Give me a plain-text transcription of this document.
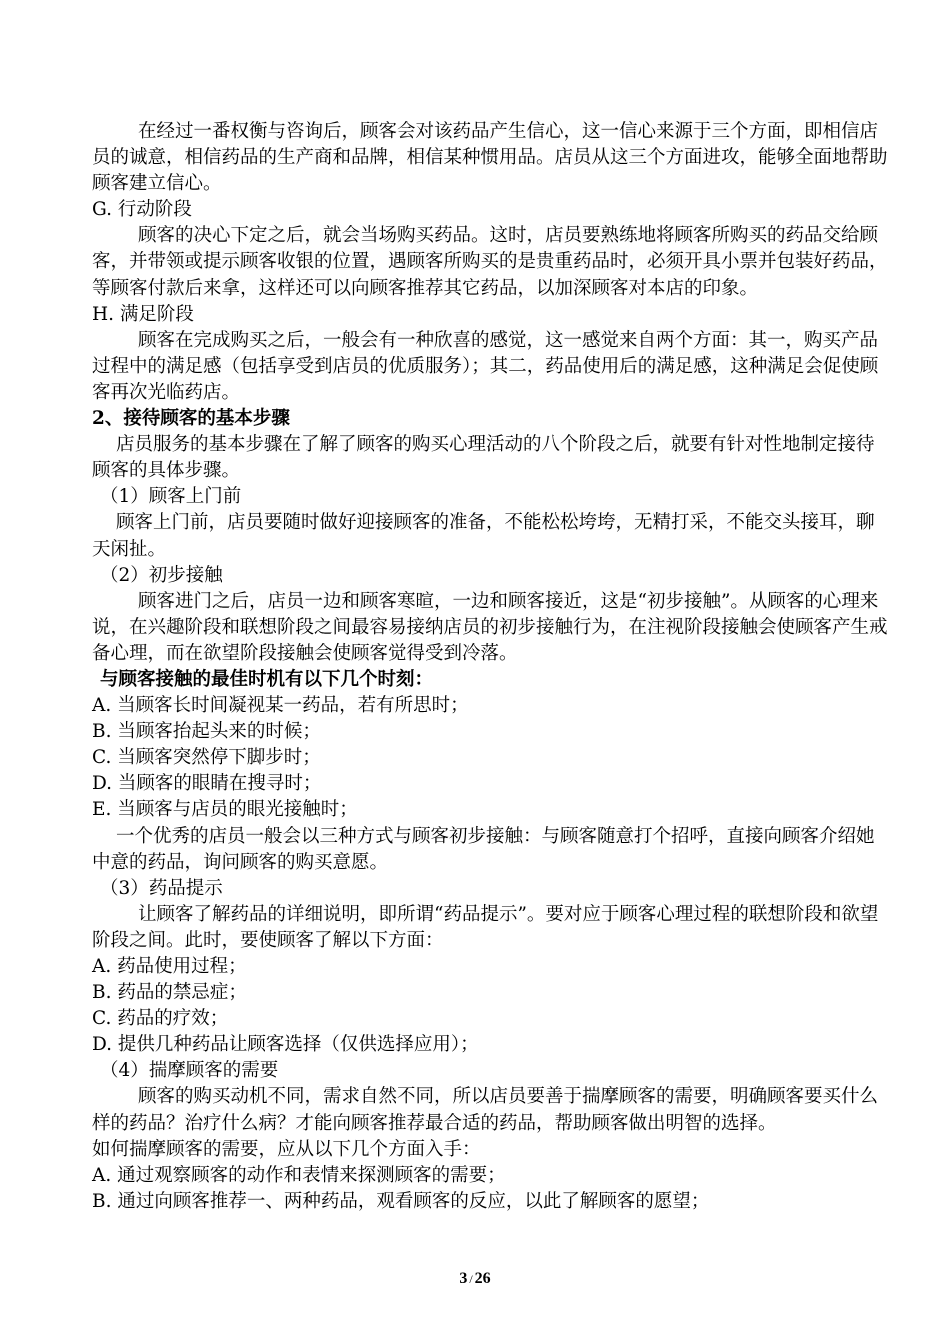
在经过一番权衡与咨询后，顾客会对该药品产生信心，这一信心来源于三个方面，即相信店员的诚意，相信药品的生产商和品牌，相信某种惯用品。店员从这三个方面进攻，能够全面地帮助顾客建立信心。

G. 行动阶段

顾客的决心下定之后，就会当场购买药品。这时，店员要熟练地将顾客所购买的药品交给顾客，并带领或提示顾客收银的位置，遇顾客所购买的是贵重药品时，必须开具小票并包装好药品，等顾客付款后来拿，这样还可以向顾客推荐其它药品，以加深顾客对本店的印象。

H. 满足阶段

顾客在完成购买之后，一般会有一种欣喜的感觉，这一感觉来自两个方面：其一，购买产品过程中的满足感（包括享受到店员的优质服务）；其二，药品使用后的满足感，这种满足会促使顾客再次光临药店。

2、接待顾客的基本步骤

店员服务的基本步骤在了解了顾客的购买心理活动的八个阶段之后，就要有针对性地制定接待顾客的具体步骤。

（1）顾客上门前

顾客上门前，店员要随时做好迎接顾客的准备，不能松松垮垮，无精打采，不能交头接耳，聊天闲扯。

（2）初步接触

顾客进门之后，店员一边和顾客寒暄，一边和顾客接近，这是“初步接触”。从顾客的心理来说，在兴趣阶段和联想阶段之间最容易接纳店员的初步接触行为，在注视阶段接触会使顾客产生戒备心理，而在欲望阶段接触会使顾客觉得受到冷落。

与顾客接触的最佳时机有以下几个时刻：

A. 当顾客长时间凝视某一药品，若有所思时；

B. 当顾客抬起头来的时候；

C. 当顾客突然停下脚步时；

D. 当顾客的眼睛在搜寻时；

E. 当顾客与店员的眼光接触时；

一个优秀的店员一般会以三种方式与顾客初步接触：与顾客随意打个招呼，直接向顾客介绍她中意的药品，询问顾客的购买意愿。

（3）药品提示

让顾客了解药品的详细说明，即所谓“药品提示”。要对应于顾客心理过程的联想阶段和欲望阶段之间。此时，要使顾客了解以下方面：

A. 药品使用过程；

B. 药品的禁忌症；

C. 药品的疗效；

D. 提供几种药品让顾客选择（仅供选择应用）；

（4）揣摩顾客的需要

顾客的购买动机不同，需求自然不同，所以店员要善于揣摩顾客的需要，明确顾客要买什么样的药品？治疗什么病？才能向顾客推荐最合适的药品，帮助顾客做出明智的选择。

如何揣摩顾客的需要，应从以下几个方面入手：

A. 通过观察顾客的动作和表情来探测顾客的需要；

B. 通过向顾客推荐一、两种药品，观看顾客的反应，以此了解顾客的愿望；

3 / 26
